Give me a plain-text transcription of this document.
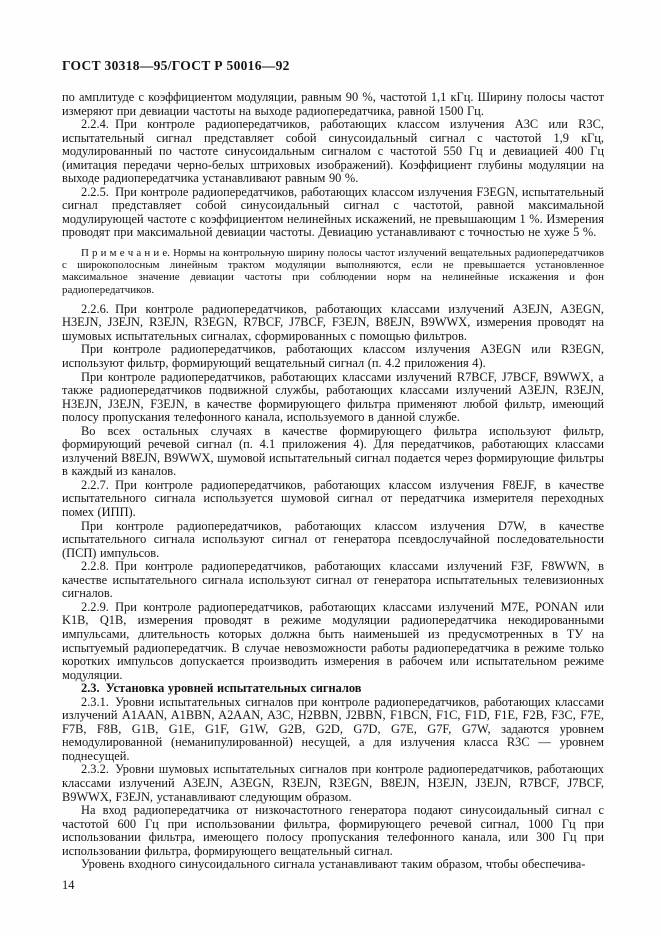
ГОСТ 30318—95/ГОСТ Р 50016—92

по амплитуде с коэффициентом модуляции, равным 90 %, частотой 1,1 кГц. Ширину полосы частот измеряют при девиации частоты на выходе радиопередатчика, равной 1500 Гц.

2.2.4. При контроле радиопередатчиков, работающих классом излучения A3C или R3C, испытательный сигнал представляет собой синусоидальный сигнал с частотой 1,9 кГц, модулированный по частоте синусоидальным сигналом с частотой 550 Гц и девиацией 400 Гц (имитация передачи черно-белых штриховых изображений). Коэффициент глубины модуляции на выходе радиопередатчика устанавливают равным 90 %.

2.2.5. При контроле радиопередатчиков, работающих классом излучения F3EGN, испытательный сигнал представляет собой синусоидальный сигнал с частотой, равной максимальной модулирующей частоте с коэффициентом нелинейных искажений, не превышающим 1 %. Измерения проводят при максимальной девиации частоты. Девиацию устанавливают с точностью не хуже 5 %.

П р и м е ч а н и е. Нормы на контрольную ширину полосы частот излучений вещательных радиопередатчиков с широкополосным линейным трактом модуляции выполняются, если не превышается установленное максимальное значение девиации частоты при соблюдении норм на нелинейные искажения и фон радиопередатчиков.

2.2.6. При контроле радиопередатчиков, работающих классами излучений A3EJN, A3EGN, H3EJN, J3EJN, R3EJN, R3EGN, R7BCF, J7BCF, F3EJN, B8EJN, B9WWX, измерения проводят на шумовых испытательных сигналах, сформированных с помощью фильтров.

При контроле радиопередатчиков, работающих классом излучения A3EGN или R3EGN, используют фильтр, формирующий вещательный сигнал (п. 4.2 приложения 4).

При контроле радиопередатчиков, работающих классами излучений R7BCF, J7BCF, B9WWX, а также радиопередатчиков подвижной службы, работающих классами излучений A3EJN, R3EJN, H3EJN, J3EJN, F3EJN, в качестве формирующего фильтра применяют любой фильтр, имеющий полосу пропускания телефонного канала, используемого в данной службе.

Во всех остальных случаях в качестве формирующего фильтра используют фильтр, формирующий речевой сигнал (п. 4.1 приложения 4). Для передатчиков, работающих классами излучений B8EJN, B9WWX, шумовой испытательный сигнал подается через формирующие фильтры в каждый из каналов.

2.2.7. При контроле радиопередатчиков, работающих классом излучения F8EJF, в качестве испытательного сигнала используется шумовой сигнал от передатчика измерителя переходных помех (ИПП).

При контроле радиопередатчиков, работающих классом излучения D7W, в качестве испытательного сигнала используют сигнал от генератора псевдослучайной последовательности (ПСП) импульсов.

2.2.8. При контроле радиопередатчиков, работающих классами излучений F3F, F8WWN, в качестве испытательного сигнала используют сигнал от генератора испытательных телевизионных сигналов.

2.2.9. При контроле радиопередатчиков, работающих классами излучений M7E, PONAN или K1B, Q1B, измерения проводят в режиме модуляции радиопередатчика некодированными импульсами, длительность которых должна быть наименьшей из предусмотренных в ТУ на испытуемый радиопередатчик. В случае невозможности работы радиопередатчика в режиме только коротких импульсов допускается производить измерения в рабочем или испытательном режиме модуляции.

2.3. Установка уровней испытательных сигналов

2.3.1. Уровни испытательных сигналов при контроле радиопередатчиков, работающих классами излучений A1AAN, A1BBN, A2AAN, A3C, H2BBN, J2BBN, F1BCN, F1C, F1D, F1E, F2B, F3C, F7E, F7B, F8B, G1B, G1E, G1F, G1W, G2B, G2D, G7D, G7E, G7F, G7W, задаются уровнем немодулированной (неманипулированной) несущей, а для излучения класса R3C — уровнем поднесущей.

2.3.2. Уровни шумовых испытательных сигналов при контроле радиопередатчиков, работающих классами излучений A3EJN, A3EGN, R3EJN, R3EGN, B8EJN, H3EJN, J3EJN, R7BCF, J7BCF, B9WWX, F3EJN, устанавливают следующим образом.

На вход радиопередатчика от низкочастотного генератора подают синусоидальный сигнал с частотой 600 Гц при использовании фильтра, формирующего речевой сигнал, 1000 Гц при использовании фильтра, имеющего полосу пропускания телефонного канала, или 300 Гц при использовании фильтра, формирующего вещательный сигнал.

Уровень входного синусоидального сигнала устанавливают таким образом, чтобы обеспечива-

14
